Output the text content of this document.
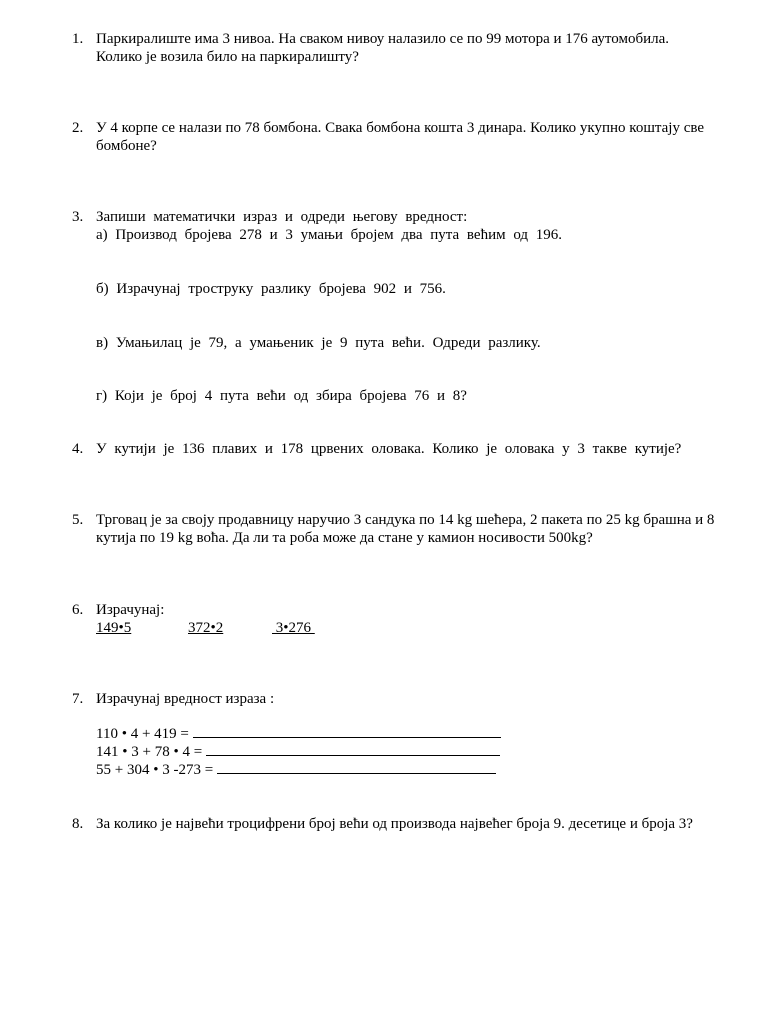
1. Паркиралиште има 3 нивоа. На сваком нивоу налазило се по 99 мотора и 176 аутомобила. Колико је возила било на паркиралишту?
2. У 4 корпе се налази по 78 бомбона. Свака бомбона кошта 3 динара. Колико укупно коштају све бомбоне?
3. Запиши математички израз и одреди његову вредност:
а) Производ бројева 278 и 3 умањи бројем два пута већим од 196.
б) Израчунај троструку разлику бројева 902 и 756.
в) Умањилац је 79, а умањеник је 9 пута већи. Одреди разлику.
г) Који је број 4 пута већи од збира бројева 76 и 8?
4. У кутији је 136 плавих и 178 црвених оловака. Колико је оловака у 3 такве кутије?
5. Трговац је за своју продавницу наручио 3 сандука по 14 kg шећера, 2 пакета по 25 kg брашна и 8 кутија по 19 kg воћа. Да ли та роба може да стане у камион носивости 500kg?
6. Израчунај:
149•5	372•2	3•276
7. Израчунај вредност израза :
110 • 4 + 419 =
141 • 3 + 78 • 4 =
55 + 304 • 3 -273 =
8. За колико је највећи троцифрени број већи од производа највећег броја 9. десетице и броја 3?
